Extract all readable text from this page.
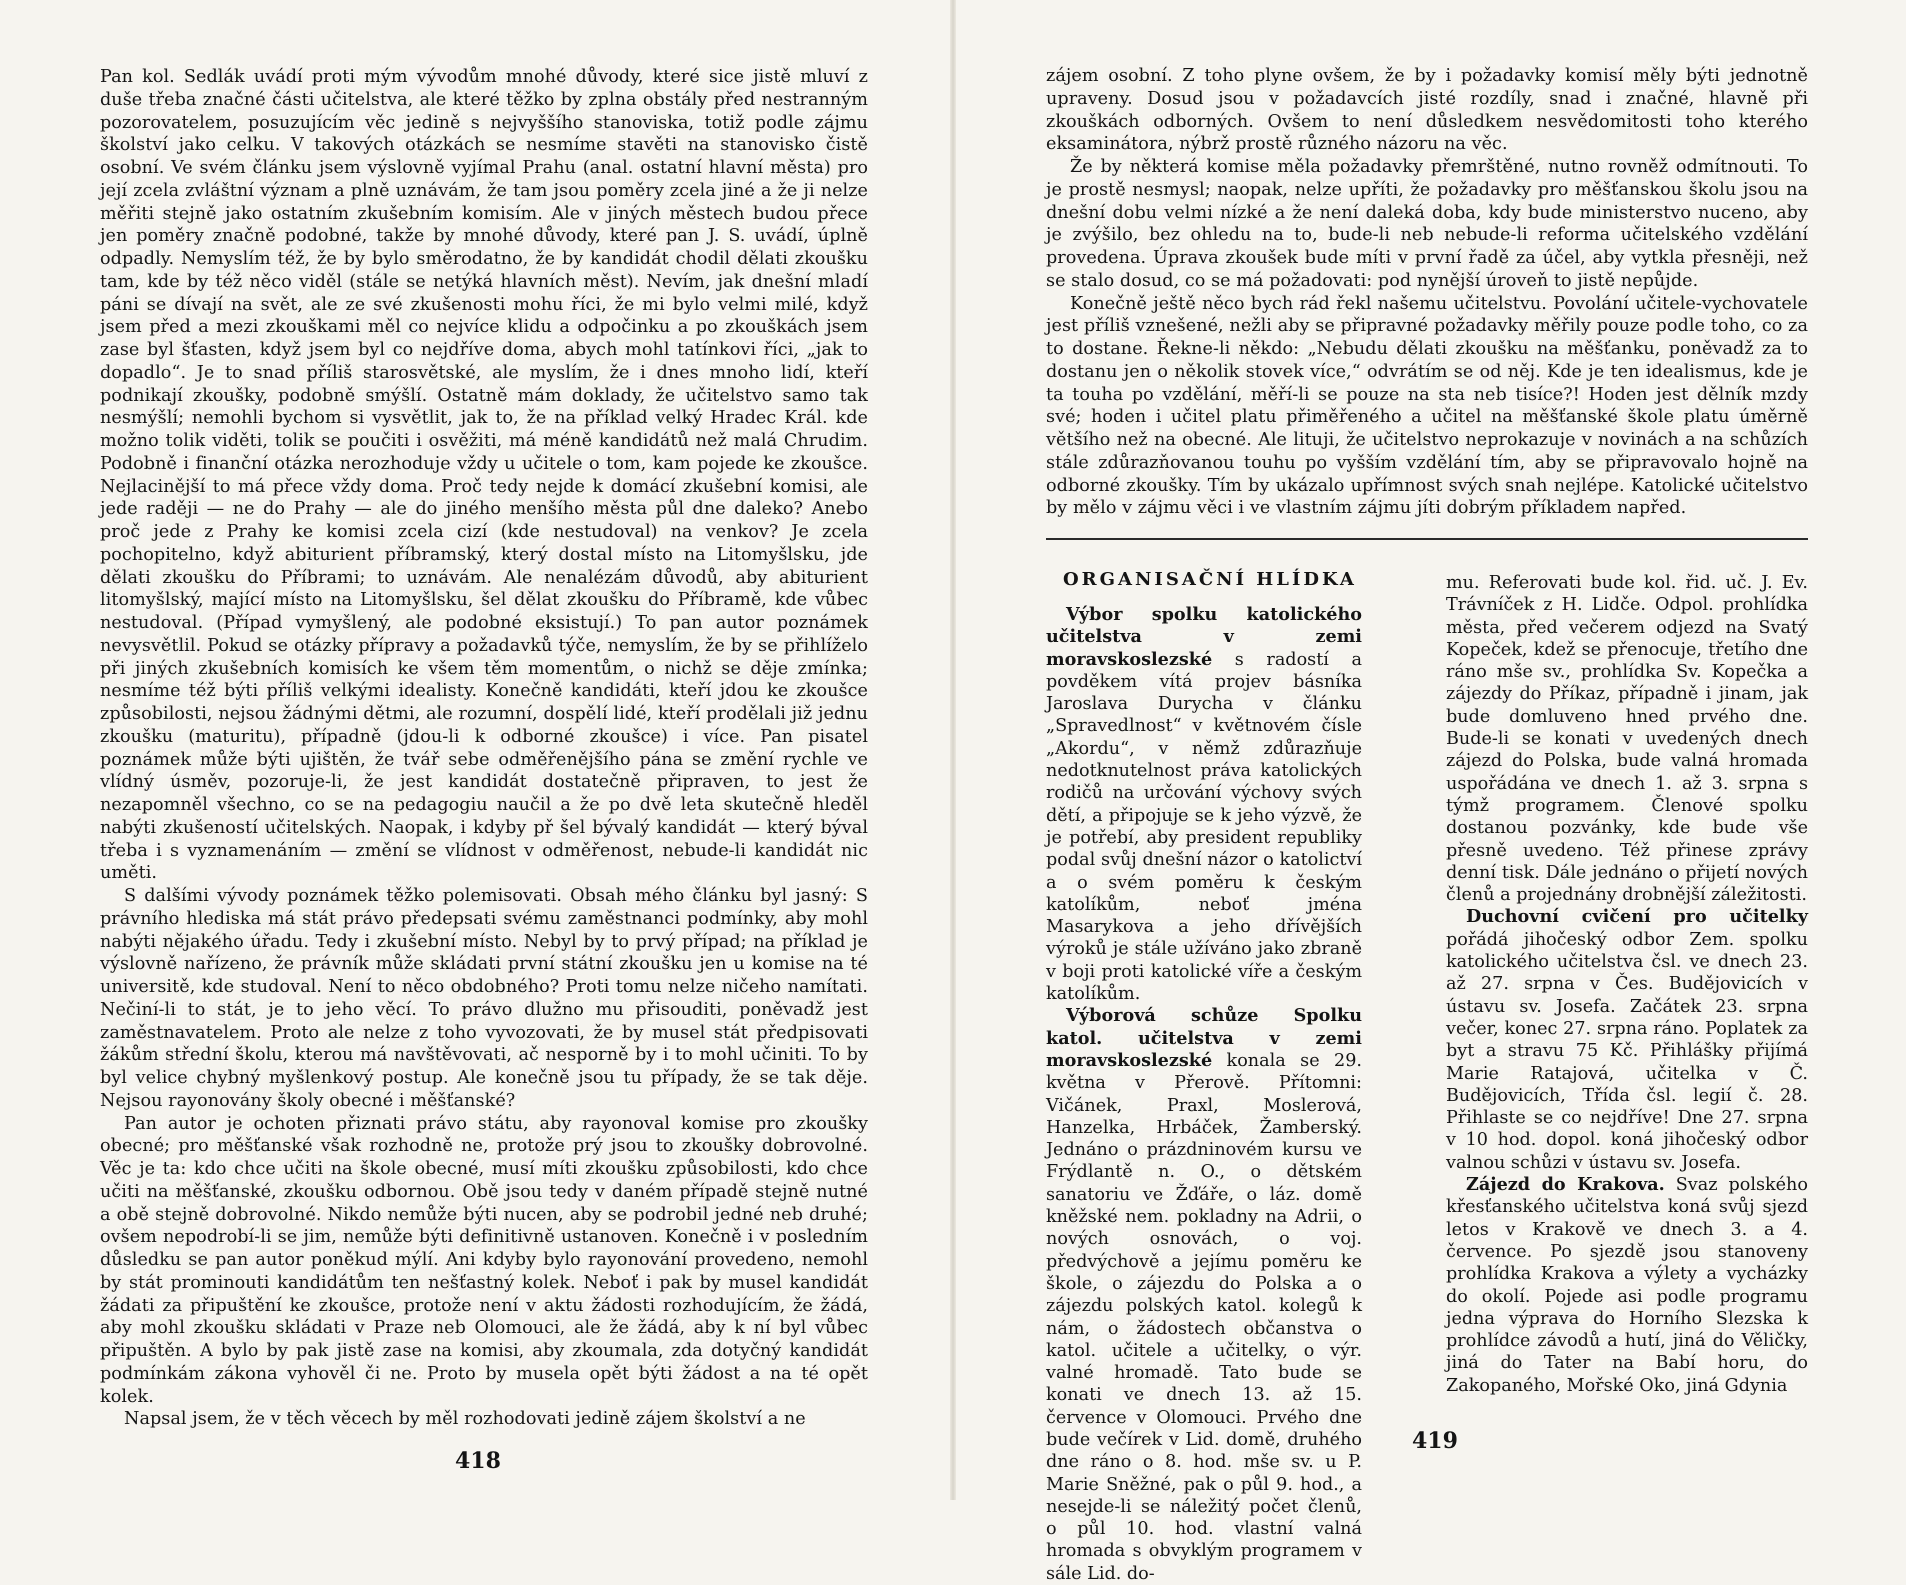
Pan kol. Sedlák uvádí proti mým vývodům mnohé důvody, které sice jistě mluví z duše třeba značné části učitelstva, ale které těžko by zplna obstály před nestranným pozorovatelem, posuzujícím věc jedině s nejvyššího stanoviska, totiž podle zájmu školství jako celku. V takových otázkách se nesmíme stavěti na stanovisko čistě osobní. Ve svém článku jsem výslovně vyjímal Prahu (anal. ostatní hlavní města) pro její zcela zvláštní význam a plně uznávám, že tam jsou poměry zcela jiné a že ji nelze měřiti stejně jako ostatním zkušebním komisím. Ale v jiných městech budou přece jen poměry značně podobné, takže by mnohé důvody, které pan J. S. uvádí, úplně odpadly. Nemyslím též, že by bylo směrodatno, že by kandidát chodil dělati zkoušku tam, kde by též něco viděl (stále se netýká hlavních měst). Nevím, jak dnešní mladí páni se dívají na svět, ale ze své zkušenosti mohu říci, že mi bylo velmi milé, když jsem před a mezi zkouškami měl co nejvíce klidu a odpočinku a po zkouškách jsem zase byl šťasten, když jsem byl co nejdříve doma, abych mohl tatínkovi říci, „jak to dopadlo“. Je to snad příliš starosvětské, ale myslím, že i dnes mnoho lidí, kteří podnikají zkoušky, podobně smýšlí. Ostatně mám doklady, že učitelstvo samo tak nesmýšlí; nemohli bychom si vysvětlit, jak to, že na příklad velký Hradec Král. kde možno tolik viděti, tolik se poučiti i osvěžiti, má méně kandidátů než malá Chrudim. Podobně i finanční otázka nerozhoduje vždy u učitele o tom, kam pojede ke zkoušce. Nejlacinější to má přece vždy doma. Proč tedy nejde k domácí zkušební komisi, ale jede raději — ne do Prahy — ale do jiného menšího města půl dne daleko? Anebo proč jede z Prahy ke komisi zcela cizí (kde nestudoval) na venkov? Je zcela pochopitelno, když abiturient příbramský, který dostal místo na Litomyšlsku, jde dělati zkoušku do Příbrami; to uznávám. Ale nenalézám důvodů, aby abiturient litomyšlský, mající místo na Litomyšlsku, šel dělat zkoušku do Příbramě, kde vůbec nestudoval. (Případ vymyšlený, ale podobné eksistují.) To pan autor poznámek nevysvětlil. Pokud se otázky přípravy a požadavků týče, nemyslím, že by se přihlíželo při jiných zkušebních komisích ke všem těm momentům, o nichž se děje zmínka; nesmíme též býti příliš velkými idealisty. Konečně kandidáti, kteří jdou ke zkoušce způsobilosti, nejsou žádnými dětmi, ale rozumní, dospělí lidé, kteří prodělali již jednu zkoušku (maturitu), případně (jdou-li k odborné zkoušce) i více. Pan pisatel poznámek může býti ujištěn, že tvář sebe odměřenějšího pána se změní rychle ve vlídný úsměv, pozoruje-li, že jest kandidát dostatečně připraven, to jest že nezapomněl všechno, co se na pedagogiu naučil a že po dvě leta skutečně hleděl nabýti zkušeností učitelských. Naopak, i kdyby př šel bývalý kandidát — který býval třeba i s vyznamenáním — změní se vlídnost v odměřenost, nebude-li kandidát nic uměti.

S dalšími vývody poznámek těžko polemisovati. Obsah mého článku byl jasný: S právního hlediska má stát právo předepsati svému zaměstnanci podmínky, aby mohl nabýti nějakého úřadu. Tedy i zkušební místo. Nebyl by to prvý případ; na příklad je výslovně nařízeno, že právník může skládati první státní zkoušku jen u komise na té universitě, kde studoval. Není to něco obdobného? Proti tomu nelze ničeho namítati. Nečiní-li to stát, je to jeho věcí. To právo dlužno mu přisouditi, poněvadž jest zaměstnavatelem. Proto ale nelze z toho vyvozovati, že by musel stát předpisovati žákům střední školu, kterou má navštěvovati, ač nesporně by i to mohl učiniti. To by byl velice chybný myšlenkový postup. Ale konečně jsou tu případy, že se tak děje. Nejsou rayonovány školy obecné i měšťanské?

Pan autor je ochoten přiznati právo státu, aby rayonoval komise pro zkoušky obecné; pro měšťanské však rozhodně ne, protože prý jsou to zkoušky dobrovolné. Věc je ta: kdo chce učiti na škole obecné, musí míti zkoušku způsobilosti, kdo chce učiti na měšťanské, zkoušku odbornou. Obě jsou tedy v daném případě stejně nutné a obě stejně dobrovolné. Nikdo nemůže býti nucen, aby se podrobil jedné neb druhé; ovšem nepodrobí-li se jim, nemůže býti definitivně ustanoven. Konečně i v posledním důsledku se pan autor poněkud mýlí. Ani kdyby bylo rayonování provedeno, nemohl by stát prominouti kandidátům ten nešťastný kolek. Neboť i pak by musel kandidát žádati za připuštění ke zkoušce, protože není v aktu žádosti rozhodujícím, že žádá, aby mohl zkoušku skládati v Praze neb Olomouci, ale že žádá, aby k ní byl vůbec připuštěn. A bylo by pak jistě zase na komisi, aby zkoumala, zda dotyčný kandidát podmínkám zákona vyhověl či ne. Proto by musela opět býti žádost a na té opět kolek.

Napsal jsem, že v těch věcech by měl rozhodovati jedině zájem školství a ne

418

zájem osobní. Z toho plyne ovšem, že by i požadavky komisí měly býti jednotně upraveny. Dosud jsou v požadavcích jisté rozdíly, snad i značné, hlavně při zkouškách odborných. Ovšem to není důsledkem nesvědomitosti toho kterého eksaminátora, nýbrž prostě různého názoru na věc.

Že by některá komise měla požadavky přemrštěné, nutno rovněž odmítnouti. To je prostě nesmysl; naopak, nelze upříti, že požadavky pro měšťanskou školu jsou na dnešní dobu velmi nízké a že není daleká doba, kdy bude ministerstvo nuceno, aby je zvýšilo, bez ohledu na to, bude-li neb nebude-li reforma učitelského vzdělání provedena. Úprava zkoušek bude míti v první řadě za účel, aby vytkla přesněji, než se stalo dosud, co se má požadovati: pod nynější úroveň to jistě nepůjde.

Konečně ještě něco bych rád řekl našemu učitelstvu. Povolání učitele-vychovatele jest příliš vznešené, nežli aby se připravné požadavky měřily pouze podle toho, co za to dostane. Řekne-li někdo: „Nebudu dělati zkoušku na měšťanku, poněvadž za to dostanu jen o několik stovek více,“ odvrátím se od něj. Kde je ten idealismus, kde je ta touha po vzdělání, měří-li se pouze na sta neb tisíce?! Hoden jest dělník mzdy své; hoden i učitel platu přiměřeného a učitel na měšťanské škole platu úměrně většího než na obecné. Ale lituji, že učitelstvo neprokazuje v novinách a na schůzích stále zdůrazňovanou touhu po vyšším vzdělání tím, aby se připravovalo hojně na odborné zkoušky. Tím by ukázalo upřímnost svých snah nejlépe. Katolické učitelstvo by mělo v zájmu věci i ve vlastním zájmu jíti dobrým příkladem napřed.

ORGANISAČNÍ HLÍDKA

Výbor spolku katolického učitelstva v zemi moravskoslezské s radostí a povděkem vítá projev básníka Jaroslava Durycha v článku „Spravedlnost“ v květnovém čísle „Akordu“, v němž zdůrazňuje nedotknutelnost práva katolických rodičů na určování výchovy svých dětí, a připojuje se k jeho výzvě, že je potřebí, aby president republiky podal svůj dnešní názor o katolictví a o svém poměru k českým katolíkům, neboť jména Masarykova a jeho dřívějších výroků je stále užíváno jako zbraně v boji proti katolické víře a českým katolíkům.

Výborová schůze Spolku katol. učitelstva v zemi moravskoslezské konala se 29. května v Přerově. Přítomni: Vičánek, Praxl, Moslerová, Hanzelka, Hrbáček, Žamberský. Jednáno o prázdninovém kursu ve Frýdlantě n. O., o dětském sanatoriu ve Žďáře, o láz. domě kněžské nem. pokladny na Adrii, o nových osnovách, o voj. předvýchově a jejímu poměru ke škole, o zájezdu do Polska a o zájezdu polských katol. kolegů k nám, o žádostech občanstva o katol. učitele a učitelky, o výr. valné hromadě. Tato bude se konati ve dnech 13. až 15. července v Olomouci. Prvého dne bude večírek v Lid. domě, druhého dne ráno o 8. hod. mše sv. u P. Marie Sněžné, pak o půl 9. hod., a nesejde-li se náležitý počet členů, o půl 10. hod. vlastní valná hromada s obvyklým programem v sále Lid. do-

mu. Referovati bude kol. řid. uč. J. Ev. Trávníček z H. Lidče. Odpol. prohlídka města, před večerem odjezd na Svatý Kopeček, kdež se přenocuje, třetího dne ráno mše sv., prohlídka Sv. Kopečka a zájezdy do Příkaz, případně i jinam, jak bude domluveno hned prvého dne. Bude-li se konati v uvedených dnech zájezd do Polska, bude valná hromada uspořádána ve dnech 1. až 3. srpna s týmž programem. Členové spolku dostanou pozvánky, kde bude vše přesně uvedeno. Též přinese zprávy denní tisk. Dále jednáno o přijetí nových členů a projednány drobnější záležitosti.

Duchovní cvičení pro učitelky pořádá jihočeský odbor Zem. spolku katolického učitelstva čsl. ve dnech 23. až 27. srpna v Čes. Budějovicích v ústavu sv. Josefa. Začátek 23. srpna večer, konec 27. srpna ráno. Poplatek za byt a stravu 75 Kč. Přihlášky přijímá Marie Ratajová, učitelka v Č. Budějovicích, Třída čsl. legií č. 28. Přihlaste se co nejdříve! Dne 27. srpna v 10 hod. dopol. koná jihočeský odbor valnou schůzi v ústavu sv. Josefa.

Zájezd do Krakova. Svaz polského křesťanského učitelstva koná svůj sjezd letos v Krakově ve dnech 3. a 4. července. Po sjezdě jsou stanoveny prohlídka Krakova a výlety a vycházky do okolí. Pojede asi podle programu jedna výprava do Horního Slezska k prohlídce závodů a hutí, jiná do Věličky, jiná do Tater na Babí horu, do Zakopaného, Mořské Oko, jiná Gdynia

419
